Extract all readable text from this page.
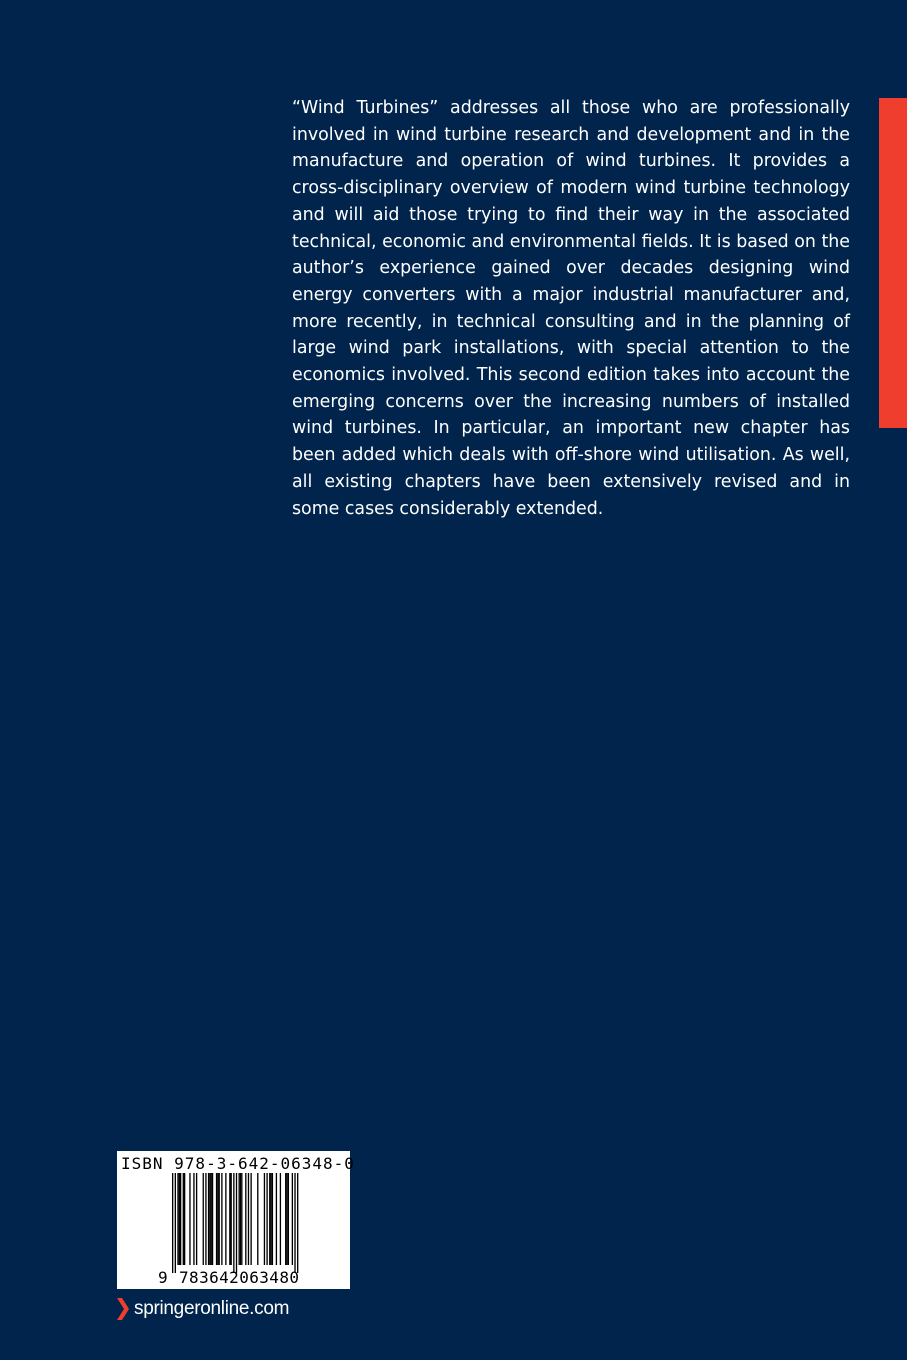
“Wind Turbines” addresses all those who are professionally involved in wind turbine research and development and in the manufacture and operation of wind turbines. It provides a cross-disciplinary overview of modern wind turbine technology and will aid those trying to find their way in the associated technical, economic and environmental fields. It is based on the author’s experience gained over decades designing wind energy converters with a major industrial manufacturer and, more recently, in technical consulting and in the planning of large wind park installations, with special attention to the economics involved. This second edition takes into account the emerging concerns over the increasing numbers of installed wind turbines. In particular, an important new chapter has been added which deals with off-shore wind utilisation. As well, all existing chapters have been extensively revised and in some cases considerably extended.

ISBN 978-3-642-06348-0
9 783642063480
springeronline.com
